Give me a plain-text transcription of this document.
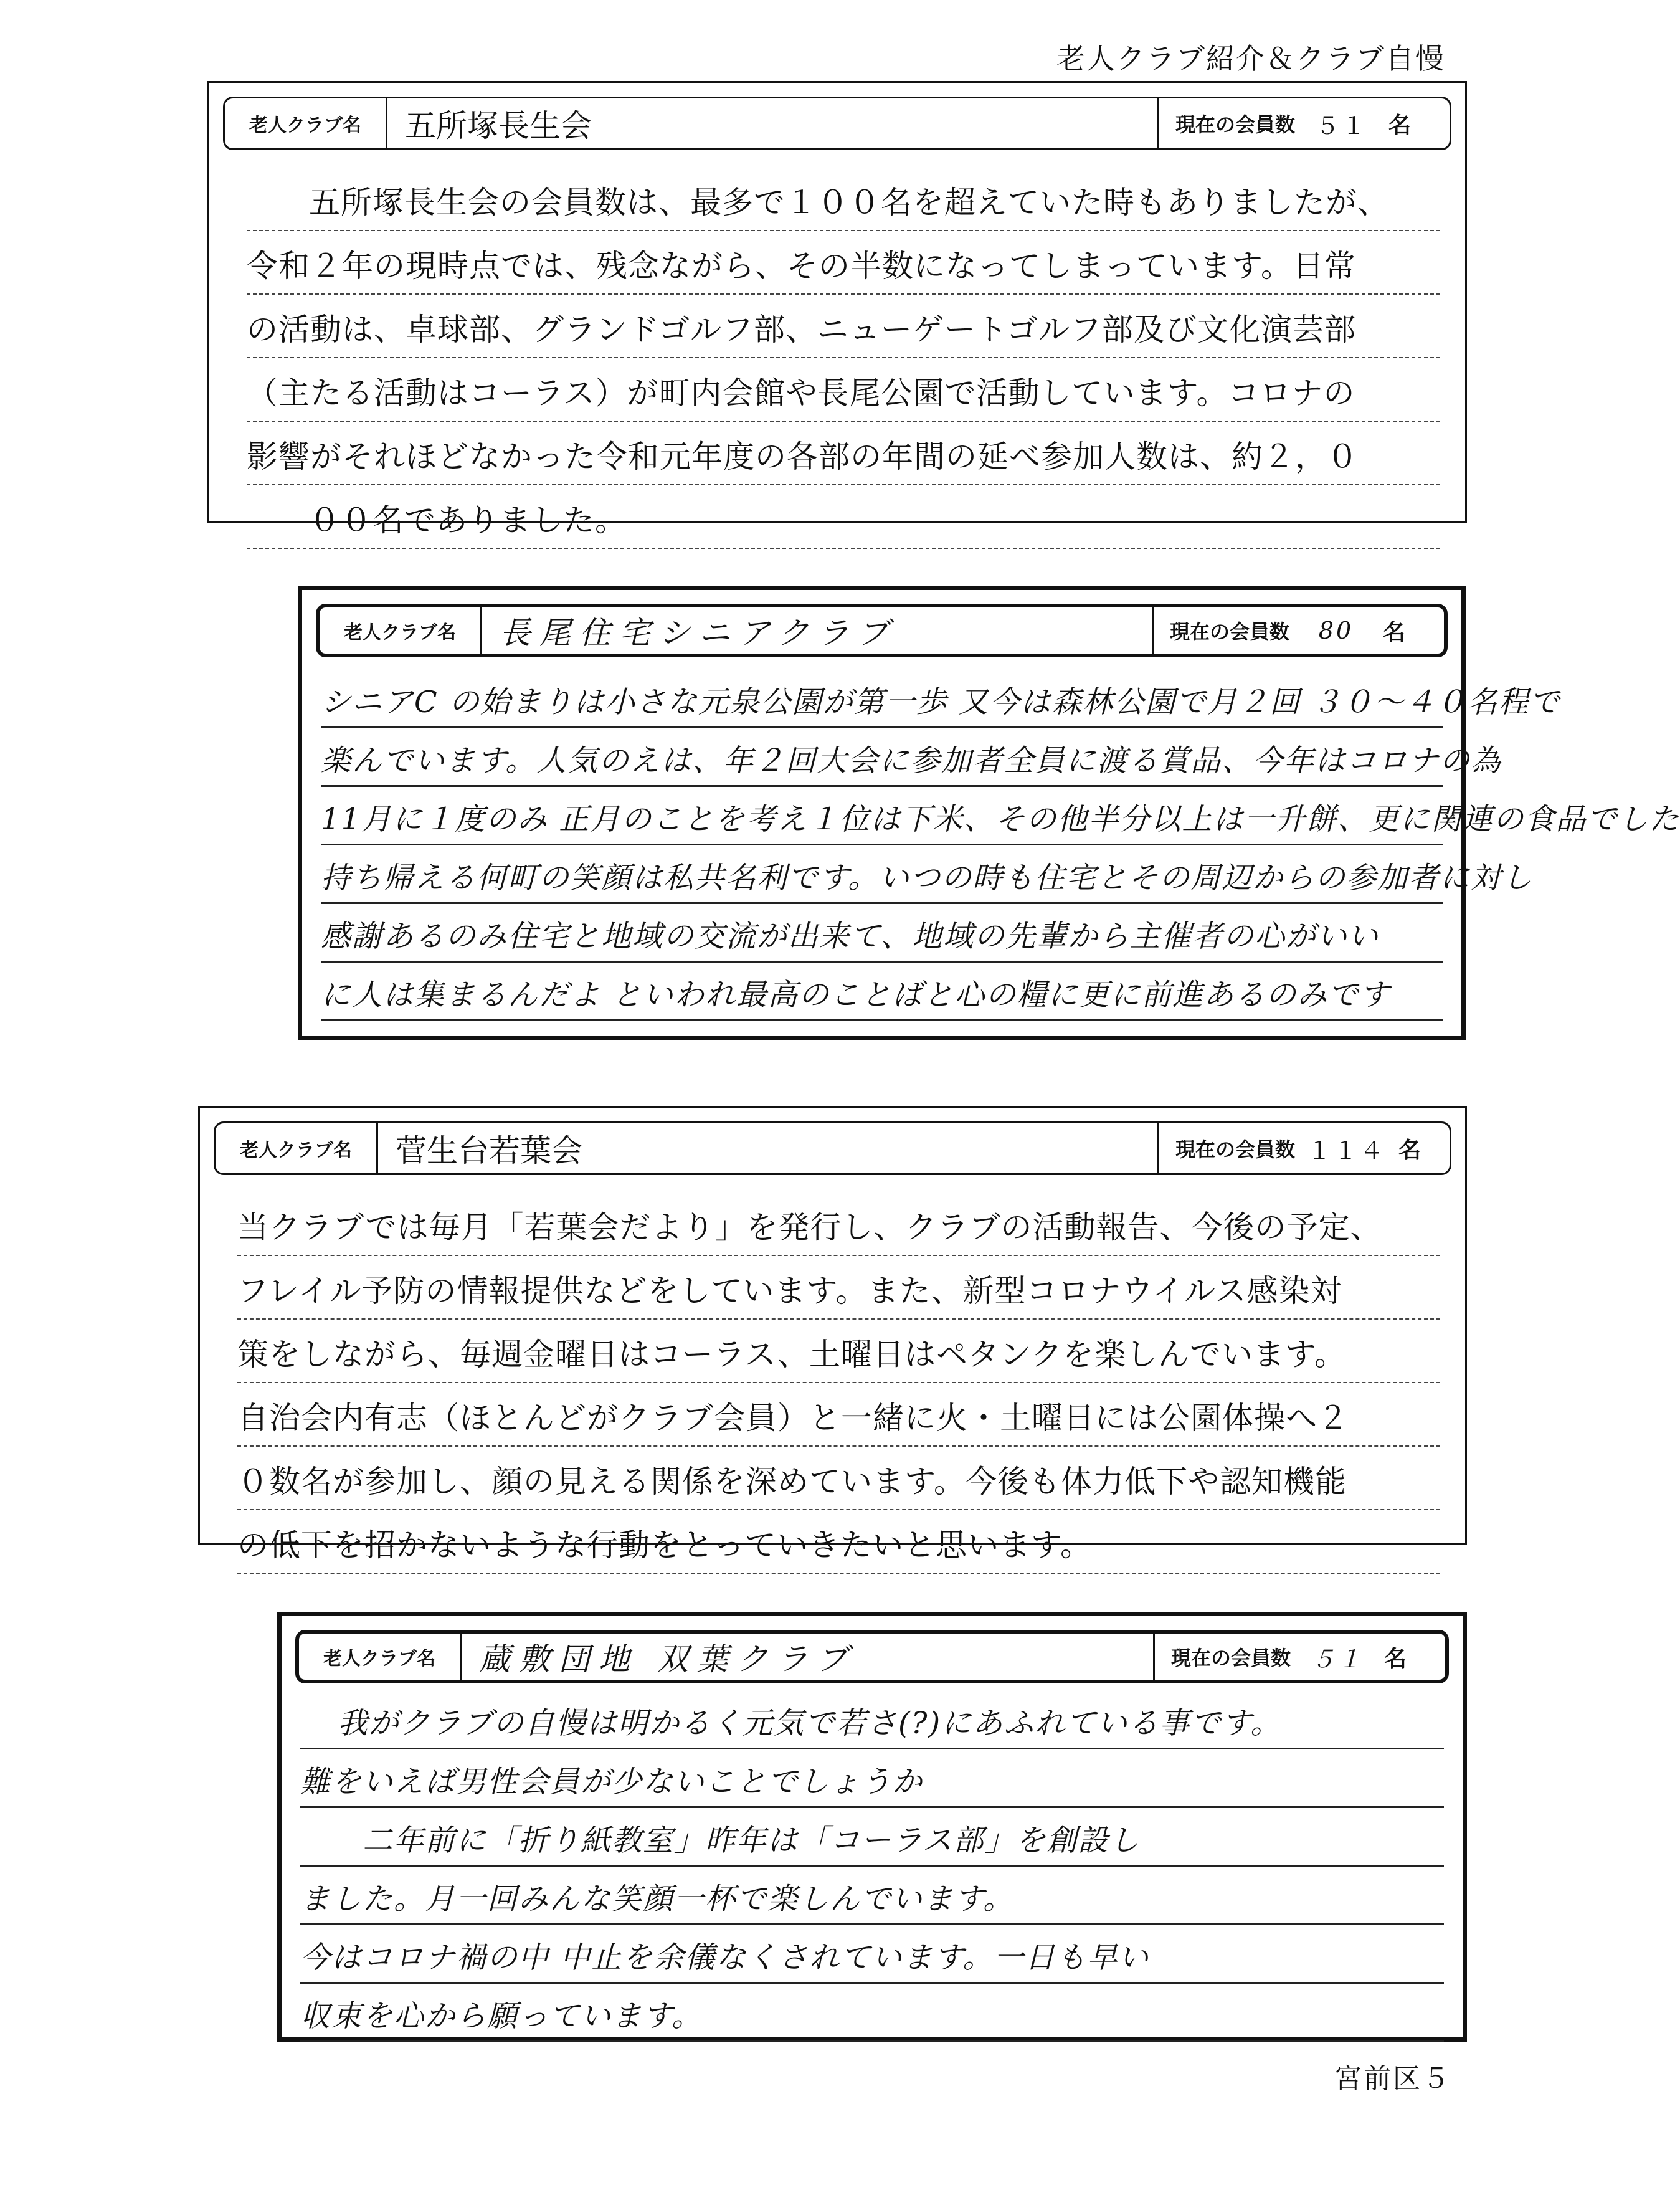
老人クラブ紹介＆クラブ自慢
老人クラブ名	五所塚長生会	現在の会員数 ５１ 名
五所塚長生会の会員数は、最多で１００名を超えていた時もありましたが、
令和２年の現時点では、残念ながら、その半数になってしまっています。日常
の活動は、卓球部、グランドゴルフ部、ニューゲートゴルフ部及び文化演芸部
（主たる活動はコーラス）が町内会館や長尾公園で活動しています。コロナの
影響がそれほどなかった令和元年度の各部の年間の延べ参加人数は、約２，０
００名でありました。
老人クラブ名	長尾住宅シニアクラブ	現在の会員数	80	名
シニアC の始まりは小さな元泉公園が第一歩 又今は森林公園で月２回 ３０～４０名程で
楽んでいます。人気のえは、年２回大会に参加者全員に渡る賞品、今年はコロナの為
11月に１度のみ 正月のことを考え１位は下米、その他半分以上は一升餅、更に関連の食品でした
持ち帰える何町の笑顔は私共名利です。いつの時も住宅とその周辺からの参加者に対し
感謝あるのみ住宅と地域の交流が出来て、地域の先輩から主催者の心がいい
に人は集まるんだよ といわれ最高のことばと心の糧に更に前進あるのみです
老人クラブ名	菅生台若葉会	現在の会員数 １１４ 名
当クラブでは毎月「若葉会だより」を発行し、クラブの活動報告、今後の予定、
フレイル予防の情報提供などをしています。また、新型コロナウイルス感染対
策をしながら、毎週金曜日はコーラス、土曜日はペタンクを楽しんでいます。
自治会内有志（ほとんどがクラブ会員）と一緒に火・土曜日には公園体操へ２
０数名が参加し、顔の見える関係を深めています。今後も体力低下や認知機能
の低下を招かないような行動をとっていきたいと思います。
老人クラブ名	蔵敷団地 双葉クラブ	現在の会員数 ５１ 名
我がクラブの自慢は明かるく元気で若さ(?)にあふれている事です。
難をいえば男性会員が少ないことでしょうか
二年前に「折り紙教室」昨年は「コーラス部」を創設し
ました。月一回みんな笑顔一杯で楽しんでいます。
今はコロナ禍の中 中止を余儀なくされています。一日も早い
収束を心から願っています。
宮前区５
